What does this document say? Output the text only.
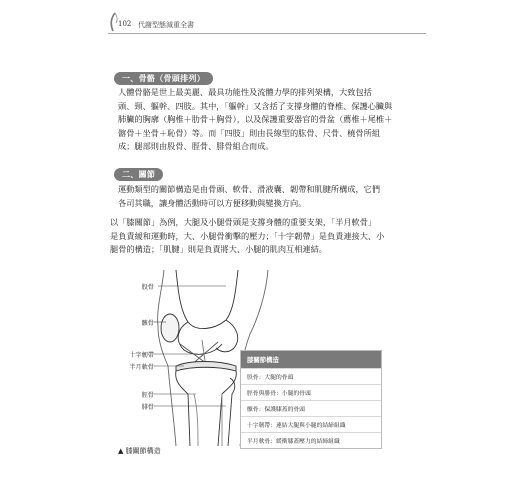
102 代謝型態減重全書
一、骨骼（骨頭排列）
人體骨骼是世上最美麗、最具功能性及流體力學的排列架構，大致包括
頭、頸、軀幹、四肢。其中，「軀幹」又含括了支撐身體的脊椎、保護心臟與
肺臟的胸廓（胸椎＋肋骨＋胸骨），以及保護重要器官的骨盆（薦椎＋尾椎＋
髂骨＋坐骨＋恥骨）等。而「四肢」則由長線型的肱骨、尺骨、橈骨所組
成；腿部則由股骨、脛骨、腓骨組合而成。
二、關節
運動類型的關節構造是由骨頭、軟骨、滑液囊、韌帶和肌腱所構成，它們
各司其職，讓身體活動時可以方便移動與變換方向。
以「膝關節」為例，大腿及小腿骨頭是支撐身體的重要支架，「半月軟骨」
是負責緩和運動時，大、小腿骨衝擊的壓力；「十字韌帶」是負責連接大、小
腿骨的構造；「肌腱」則是負責將大、小腿的肌肉互相連結。
股骨
髕骨
十字韌帶
半月軟骨
脛骨
腓骨
膝關節構造
股骨：大腿的骨頭
脛骨與腓骨：小腿的骨頭
髕骨：保護膝蓋的骨頭
十字韌帶：連結大腿與小腿的結締組織
半月軟骨：緩衝膝蓋壓力的結締組織
▲ 膝關節構造
